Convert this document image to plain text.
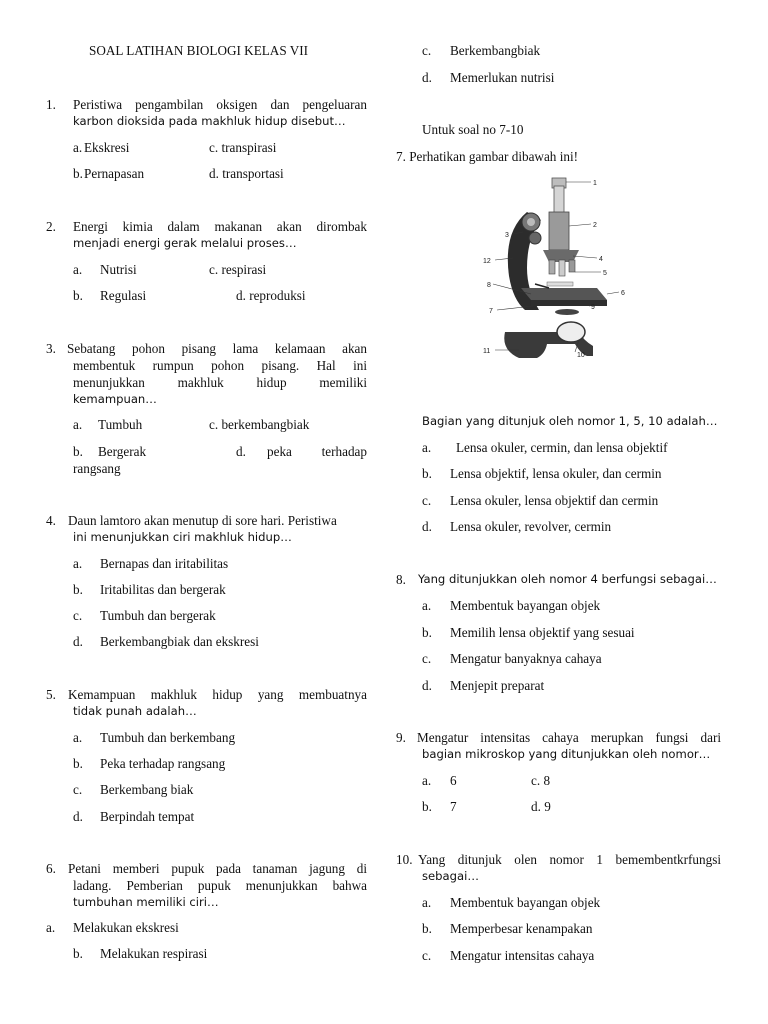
SOAL LATIHAN BIOLOGI KELAS VII
1. Peristiwa pengambilan oksigen dan pengeluaran
karbon dioksida pada makhluk hidup disebut…
a. Ekskresi	c. transpirasi
b. Pernapasan	d. transportasi
2. Energi kimia dalam makanan akan dirombak
menjadi energi gerak melalui proses…
a. Nutrisi	c. respirasi
b. Regulasi	d. reproduksi
3. Sebatang pohon pisang lama kelamaan akan
membentuk rumpun pohon pisang. Hal ini
menunjukkan makhluk hidup memiliki
kemampuan…
a. Tumbuh	c. berkembangbiak
b. Bergerak	d. peka terhadap
rangsang
4. Daun lamtoro akan menutup di sore hari. Peristiwa
ini menunjukkan ciri makhluk hidup…
a. Bernapas dan iritabilitas
b. Iritabilitas dan bergerak
c. Tumbuh dan bergerak
d. Berkembangbiak dan ekskresi
5. Kemampuan makhluk hidup yang membuatnya
tidak punah adalah…
a. Tumbuh dan berkembang
b. Peka terhadap rangsang
c. Berkembang biak
d. Berpindah tempat
6. Petani memberi pupuk pada tanaman jagung di
ladang. Pemberian pupuk menunjukkan bahwa
tumbuhan memiliki ciri…
a. Melakukan ekskresi
b. Melakukan respirasi
c. Berkembangbiak
d. Memerlukan nutrisi
Untuk soal no 7-10
7. Perhatikan gambar dibawah ini!
1
2
3
4
5
6
7
8
9
10
11
12
Bagian yang ditunjuk oleh nomor 1, 5, 10 adalah…
a. Lensa okuler, cermin, dan lensa objektif
b. Lensa objektif, lensa okuler, dan cermin
c. Lensa okuler, lensa objektif dan cermin
d. Lensa okuler, revolver, cermin
8. Yang ditunjukkan oleh nomor 4 berfungsi sebagai…
a. Membentuk bayangan objek
b. Memilih lensa objektif yang sesuai
c. Mengatur banyaknya cahaya
d. Menjepit preparat
9. Mengatur intensitas cahaya merupkan fungsi dari
bagian mikroskop yang ditunjukkan oleh nomor…
a. 6	c. 8
b. 7	d. 9
10. Yang ditunjuk olen nomor 1 bemembentkrfungsi
sebagai…
a. Membentuk bayangan objek
b. Memperbesar kenampakan
c. Mengatur intensitas cahaya
